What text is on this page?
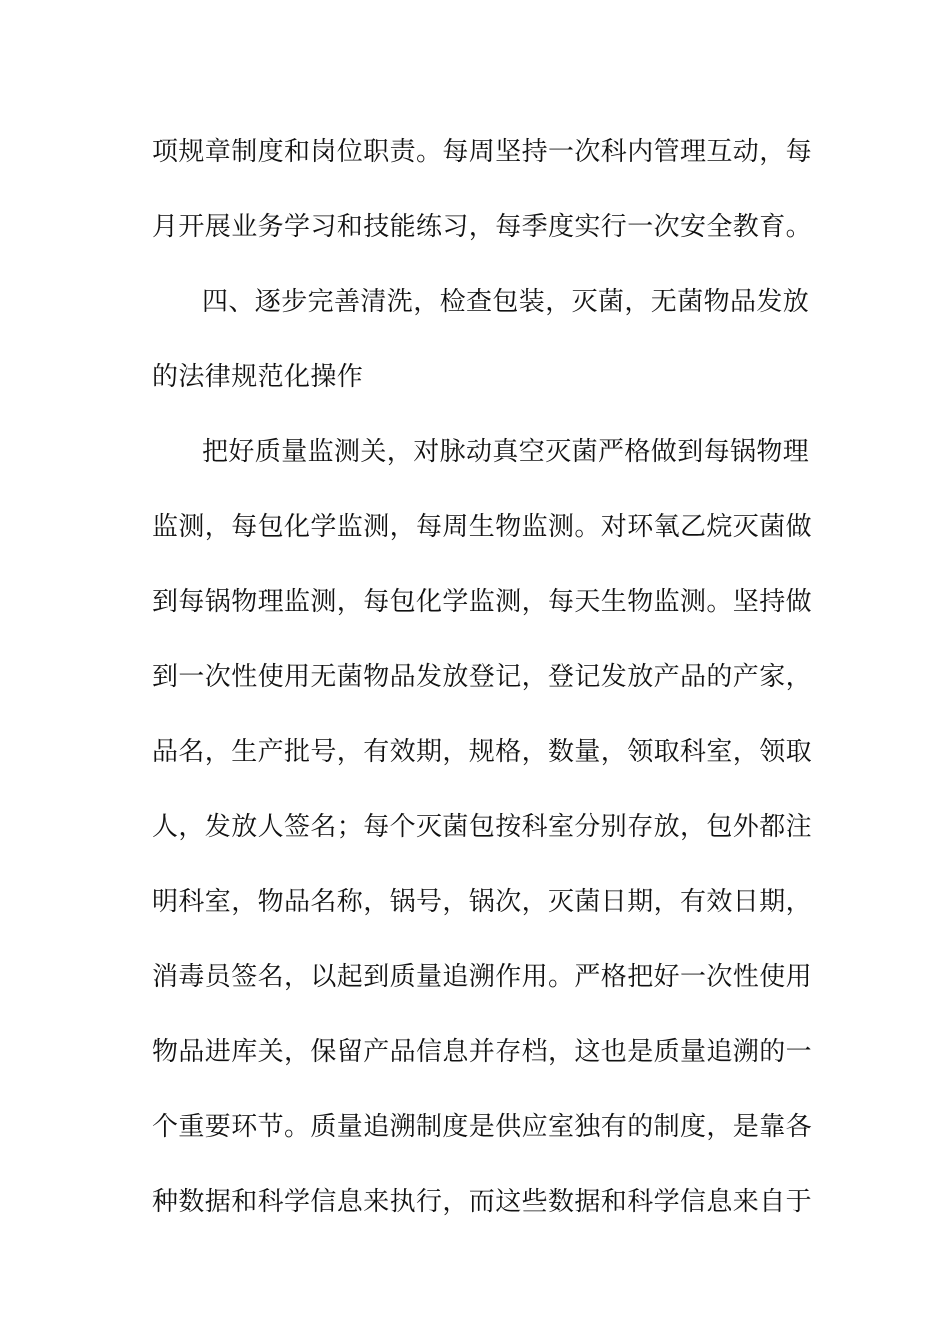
项规章制度和岗位职责。每周坚持一次科内管理互动，每

月开展业务学习和技能练习，每季度实行一次安全教育。

四、逐步完善清洗，检查包装，灭菌，无菌物品发放

的法律规范化操作

把好质量监测关，对脉动真空灭菌严格做到每锅物理

监测，每包化学监测，每周生物监测。对环氧乙烷灭菌做

到每锅物理监测，每包化学监测，每天生物监测。坚持做

到一次性使用无菌物品发放登记，登记发放产品的产家，

品名，生产批号，有效期，规格，数量，领取科室，领取

人，发放人签名；每个灭菌包按科室分别存放，包外都注

明科室，物品名称，锅号，锅次，灭菌日期，有效日期，

消毒员签名，以起到质量追溯作用。严格把好一次性使用

物品进库关，保留产品信息并存档，这也是质量追溯的一

个重要环节。质量追溯制度是供应室独有的制度，是靠各

种数据和科学信息来执行，而这些数据和科学信息来自于
